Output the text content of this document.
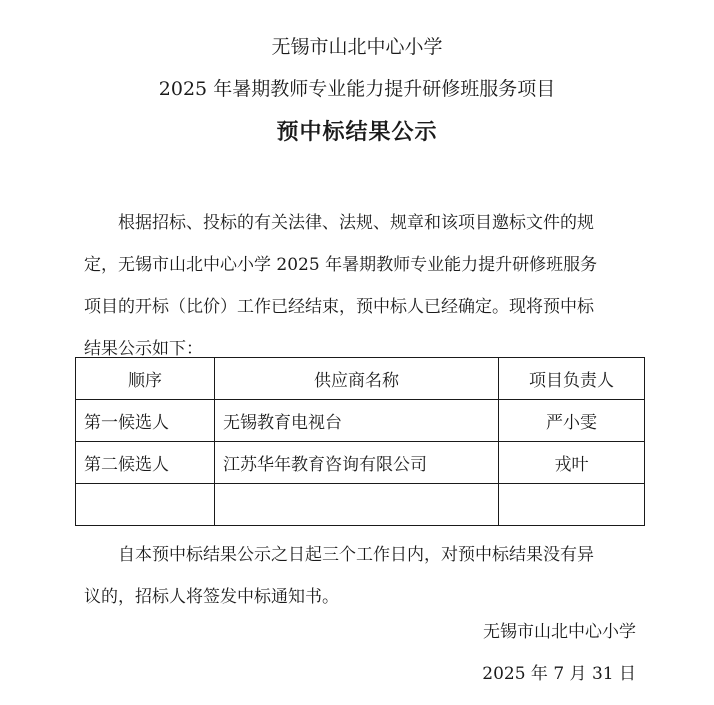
无锡市山北中心小学
2025 年暑期教师专业能力提升研修班服务项目
预中标结果公示
根据招标、投标的有关法律、法规、规章和该项目邀标文件的规
定，无锡市山北中心小学 2025 年暑期教师专业能力提升研修班服务
项目的开标（比价）工作已经结束，预中标人已经确定。现将预中标
结果公示如下：
顺序	供应商名称	项目负责人
第一候选人	无锡教育电视台	严小雯
第二候选人	江苏华年教育咨询有限公司	戎叶

自本预中标结果公示之日起三个工作日内，对预中标结果没有异
议的，招标人将签发中标通知书。
无锡市山北中心小学
2025 年 7 月 31 日
